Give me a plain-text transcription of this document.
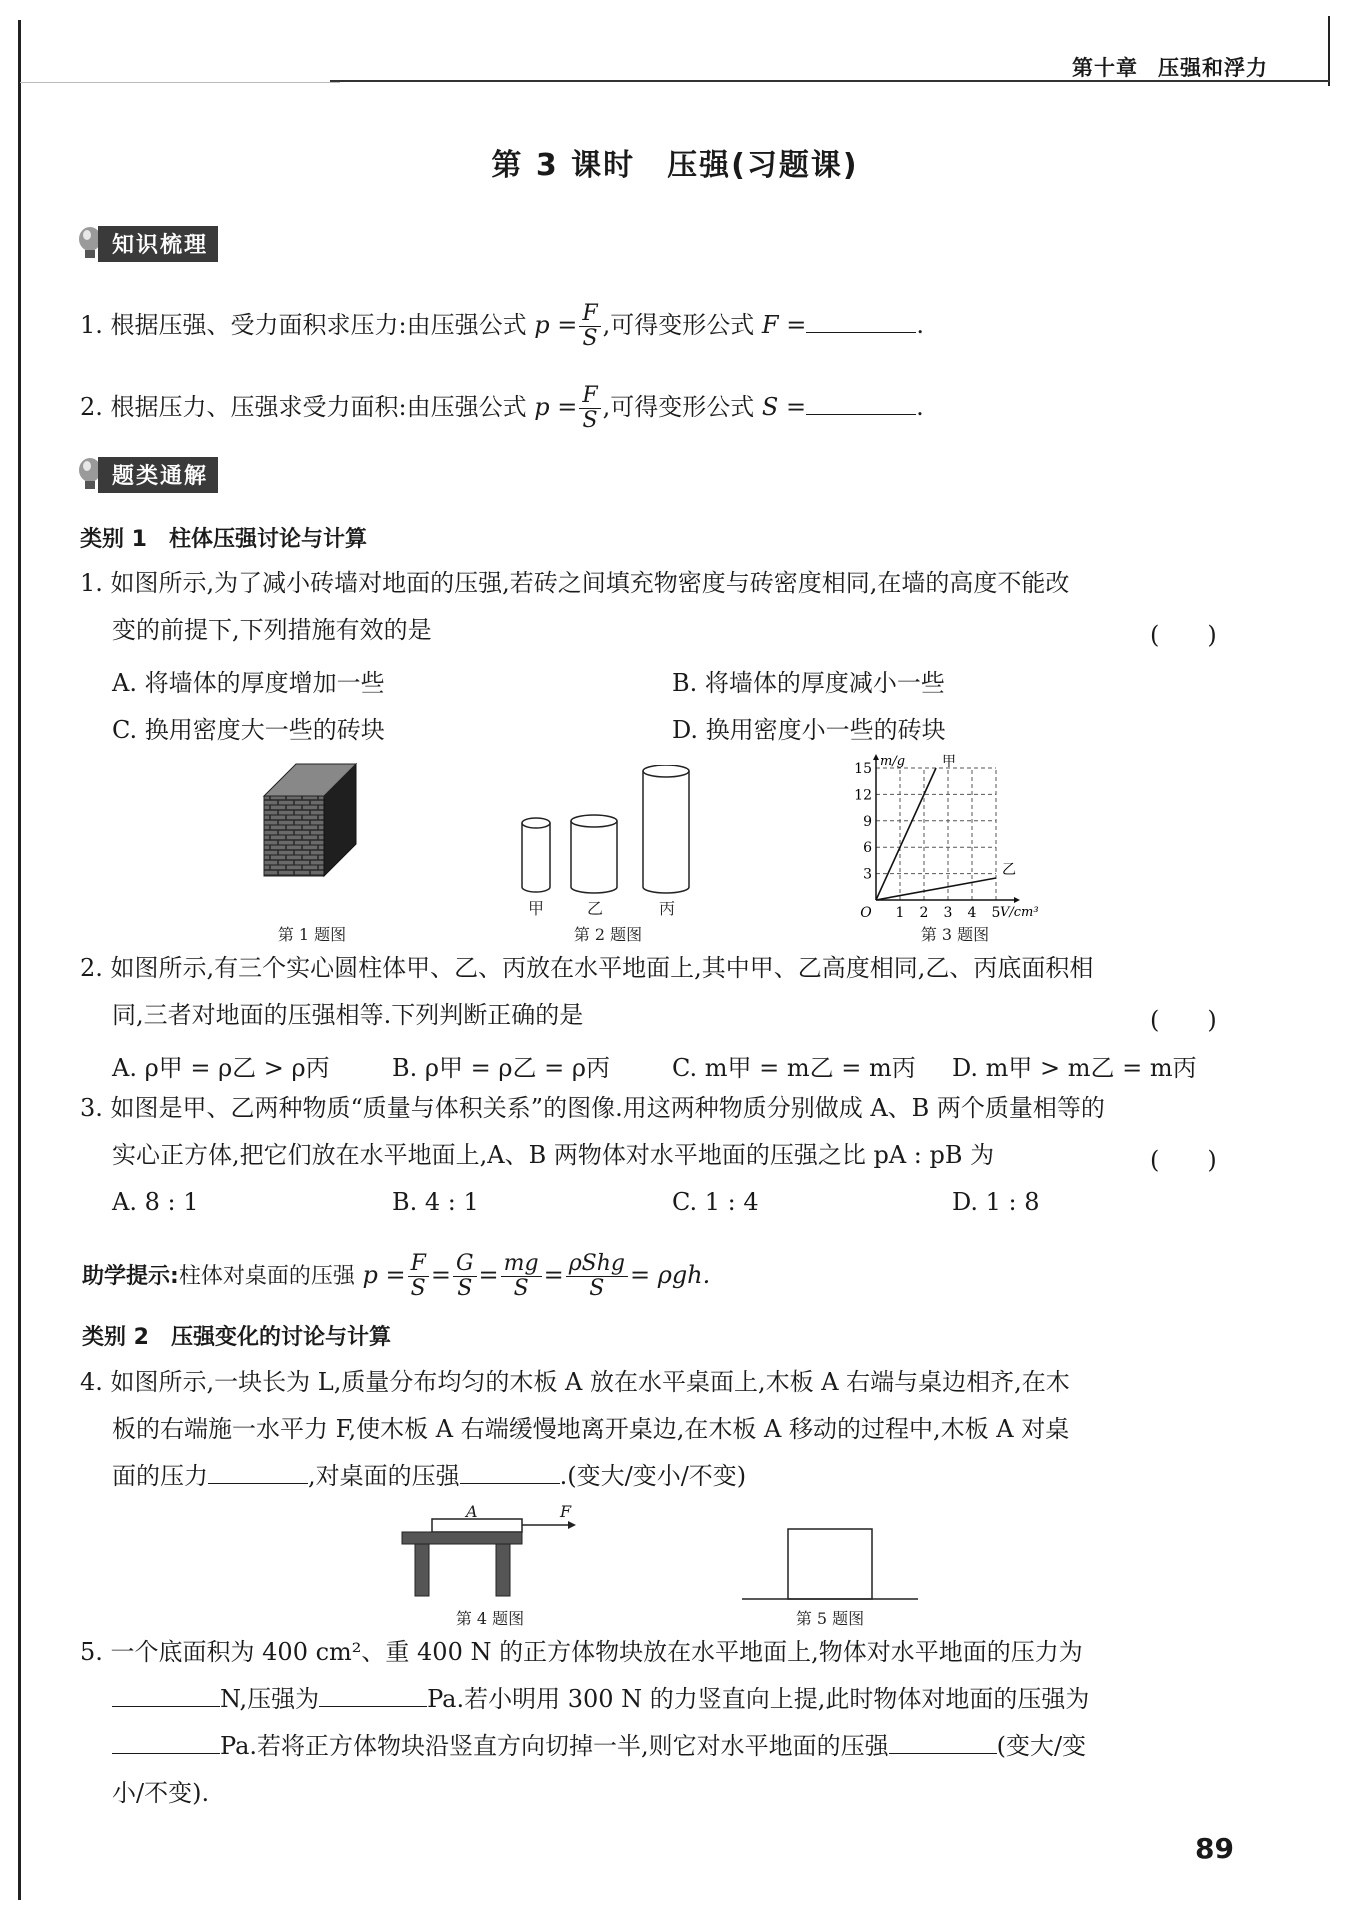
第十章 压强和浮力
第 3 课时　压强(习题课)
知识梳理
1. 根据压强、受力面积求压力:由压强公式 $p = \frac{F}{S}$ ,可得变形公式 F =	.
2. 根据压力、压强求受力面积:由压强公式 $p = \frac{F}{S}$ ,可得变形公式 S =	.
题类通解
类别 1　柱体压强讨论与计算
1. 如图所示,为了减小砖墙对地面的压强,若砖之间填充物密度与砖密度相同,在墙的高度不能改
变的前提下,下列措施有效的是	(　　)
A. 将墙体的厚度增加一些	B. 将墙体的厚度减小一些
C. 换用密度大一些的砖块	D. 换用密度小一些的砖块
第 1 题图
甲	乙	丙
第 2 题图
3
6
9
12
15
1 2 3 4 5
O
m/g
V/cm³
甲
乙
第 3 题图
2. 如图所示,有三个实心圆柱体甲、乙、丙放在水平地面上,其中甲、乙高度相同,乙、丙底面积相
同,三者对地面的压强相等.下列判断正确的是	(　　)
A. ρ甲 = ρ乙 > ρ丙	B. ρ甲 = ρ乙 = ρ丙	C. m甲 = m乙 = m丙 D. m甲 > m乙 = m丙
3. 如图是甲、乙两种物质“质量与体积关系”的图像.用这两种物质分别做成 A、B 两个质量相等的
实心正方体,把它们放在水平地面上,A、B 两物体对水平地面的压强之比 pA : pB 为	(　　)
A. 8 : 1	B. 4 : 1	C. 1 : 4	D. 1 : 8
助学提示:柱体对桌面的压强 $p = \frac{F}{S} = \frac{G}{S} = \frac{mg}{S} = \frac{\text{ρShg}}{S} = \rho gh$.
类别 2　压强变化的讨论与计算
4. 如图所示,一块长为 L,质量分布均匀的木板 A 放在水平桌面上,木板 A 右端与桌边相齐,在木
板的右端施一水平力 F,使木板 A 右端缓慢地离开桌边,在木板 A 移动的过程中,木板 A 对桌
面的压力	,对桌面的压强	.(变大/变小/不变)
A	F
第 4 题图	第 5 题图
5. 一个底面积为 400 cm²、重 400 N 的正方体物块放在水平地面上,物体对水平地面的压力为
N,压强为	Pa.若小明用 300 N 的力竖直向上提,此时物体对地面的压强为
Pa.若将正方体物块沿竖直方向切掉一半,则它对水平地面的压强	(变大/变
小/不变).
89
